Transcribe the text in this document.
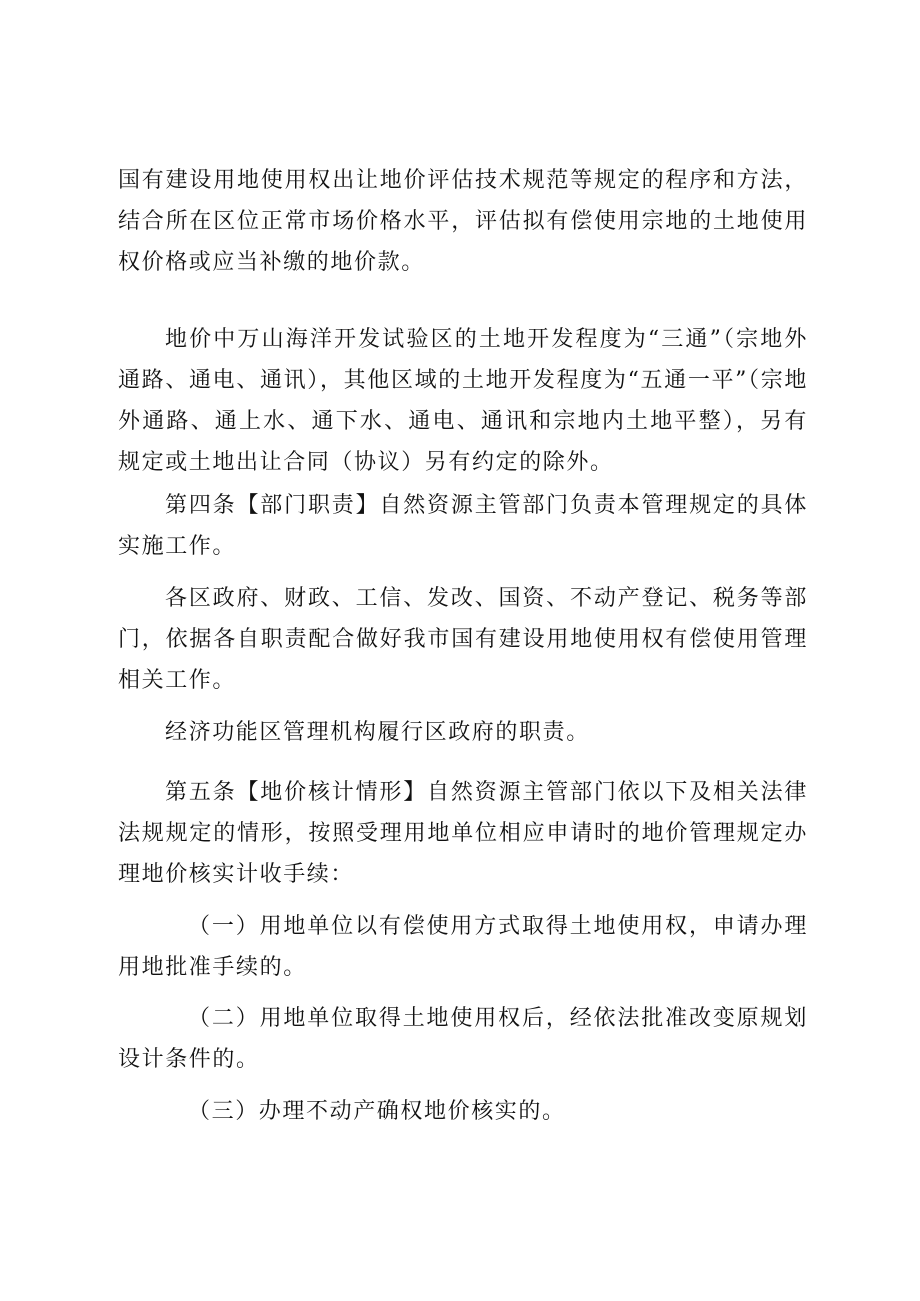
国有建设用地使用权出让地价评估技术规范等规定的程序和方法，结合所在区位正常市场价格水平，评估拟有偿使用宗地的土地使用权价格或应当补缴的地价款。

地价中万山海洋开发试验区的土地开发程度为“三通”（宗地外通路、通电、通讯），其他区域的土地开发程度为“五通一平”（宗地外通路、通上水、通下水、通电、通讯和宗地内土地平整），另有规定或土地出让合同（协议）另有约定的除外。

第四条【部门职责】自然资源主管部门负责本管理规定的具体实施工作。

各区政府、财政、工信、发改、国资、不动产登记、税务等部门，依据各自职责配合做好我市国有建设用地使用权有偿使用管理相关工作。

经济功能区管理机构履行区政府的职责。

第五条【地价核计情形】自然资源主管部门依以下及相关法律法规规定的情形，按照受理用地单位相应申请时的地价管理规定办理地价核实计收手续：

（一）用地单位以有偿使用方式取得土地使用权，申请办理用地批准手续的。

（二）用地单位取得土地使用权后，经依法批准改变原规划设计条件的。

（三）办理不动产确权地价核实的。
